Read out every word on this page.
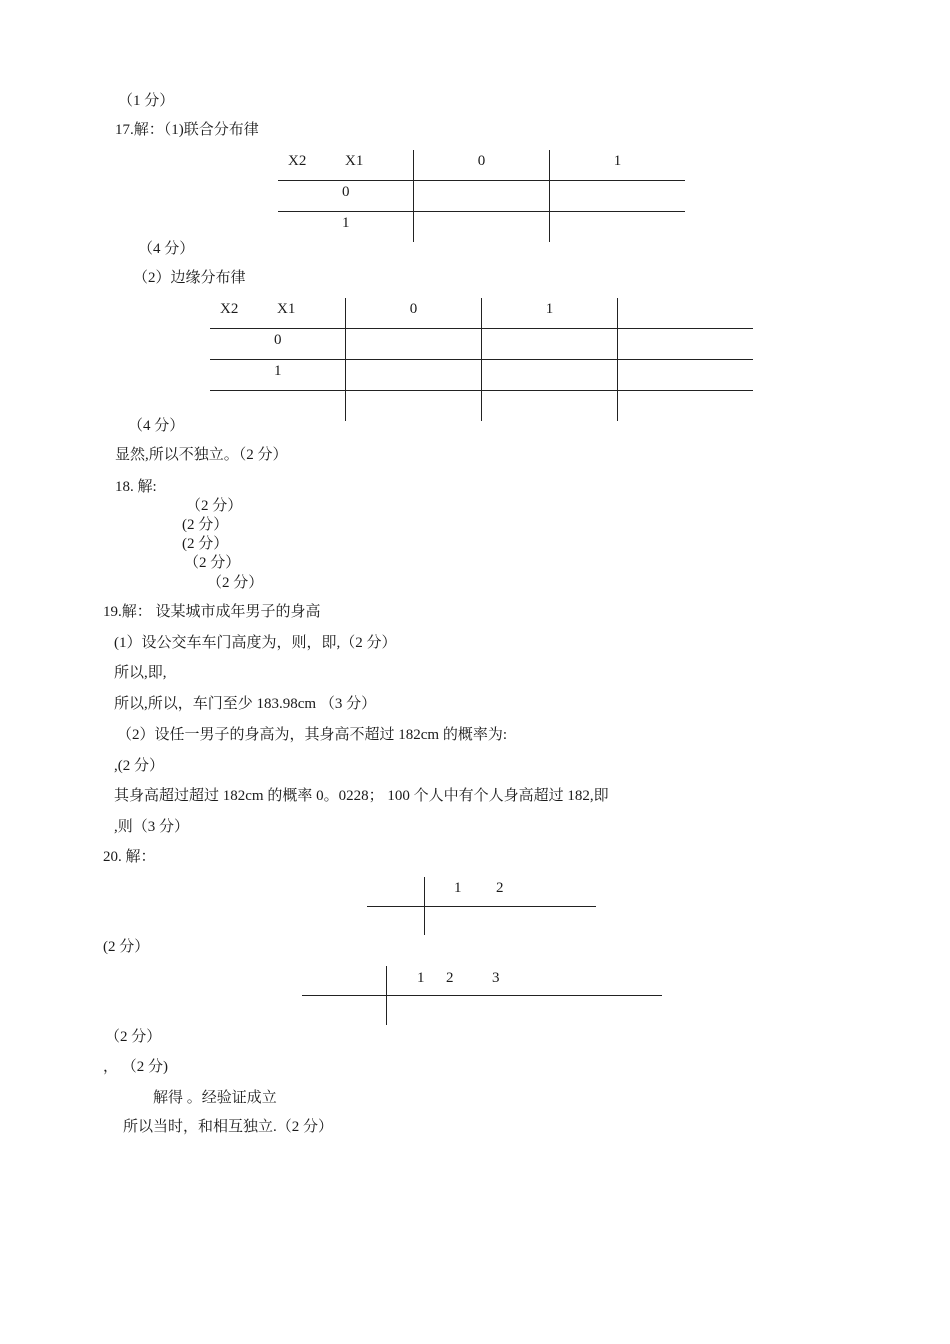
（1 分）
17.解：（1)联合分布律
X2 X1	0	1

0		

1		

（4 分）
（2）边缘分布律
X2 X1	0	1	

0			

1			

（4 分）
显然,所以不独立。（2 分）
18. 解:
（2 分）
(2 分）
(2 分）
（2 分）
（2 分）
19.解： 设某城市成年男子的身高
(1）设公交车车门高度为，则，即,（2 分）
所以,即,
所以,所以，车门至少 183.98cm （3 分）
（2）设任一男子的身高为，其身高不超过 182cm 的概率为:
,(2 分）
其身高超过超过 182cm 的概率 0。0228； 100 个人中有个人身高超过 182,即
,则（3 分）
20. 解：
1 2
(2 分）
1 2	3
（2 分）
， （2 分)
解得 。经验证成立
所以当时，和相互独立.（2 分）
